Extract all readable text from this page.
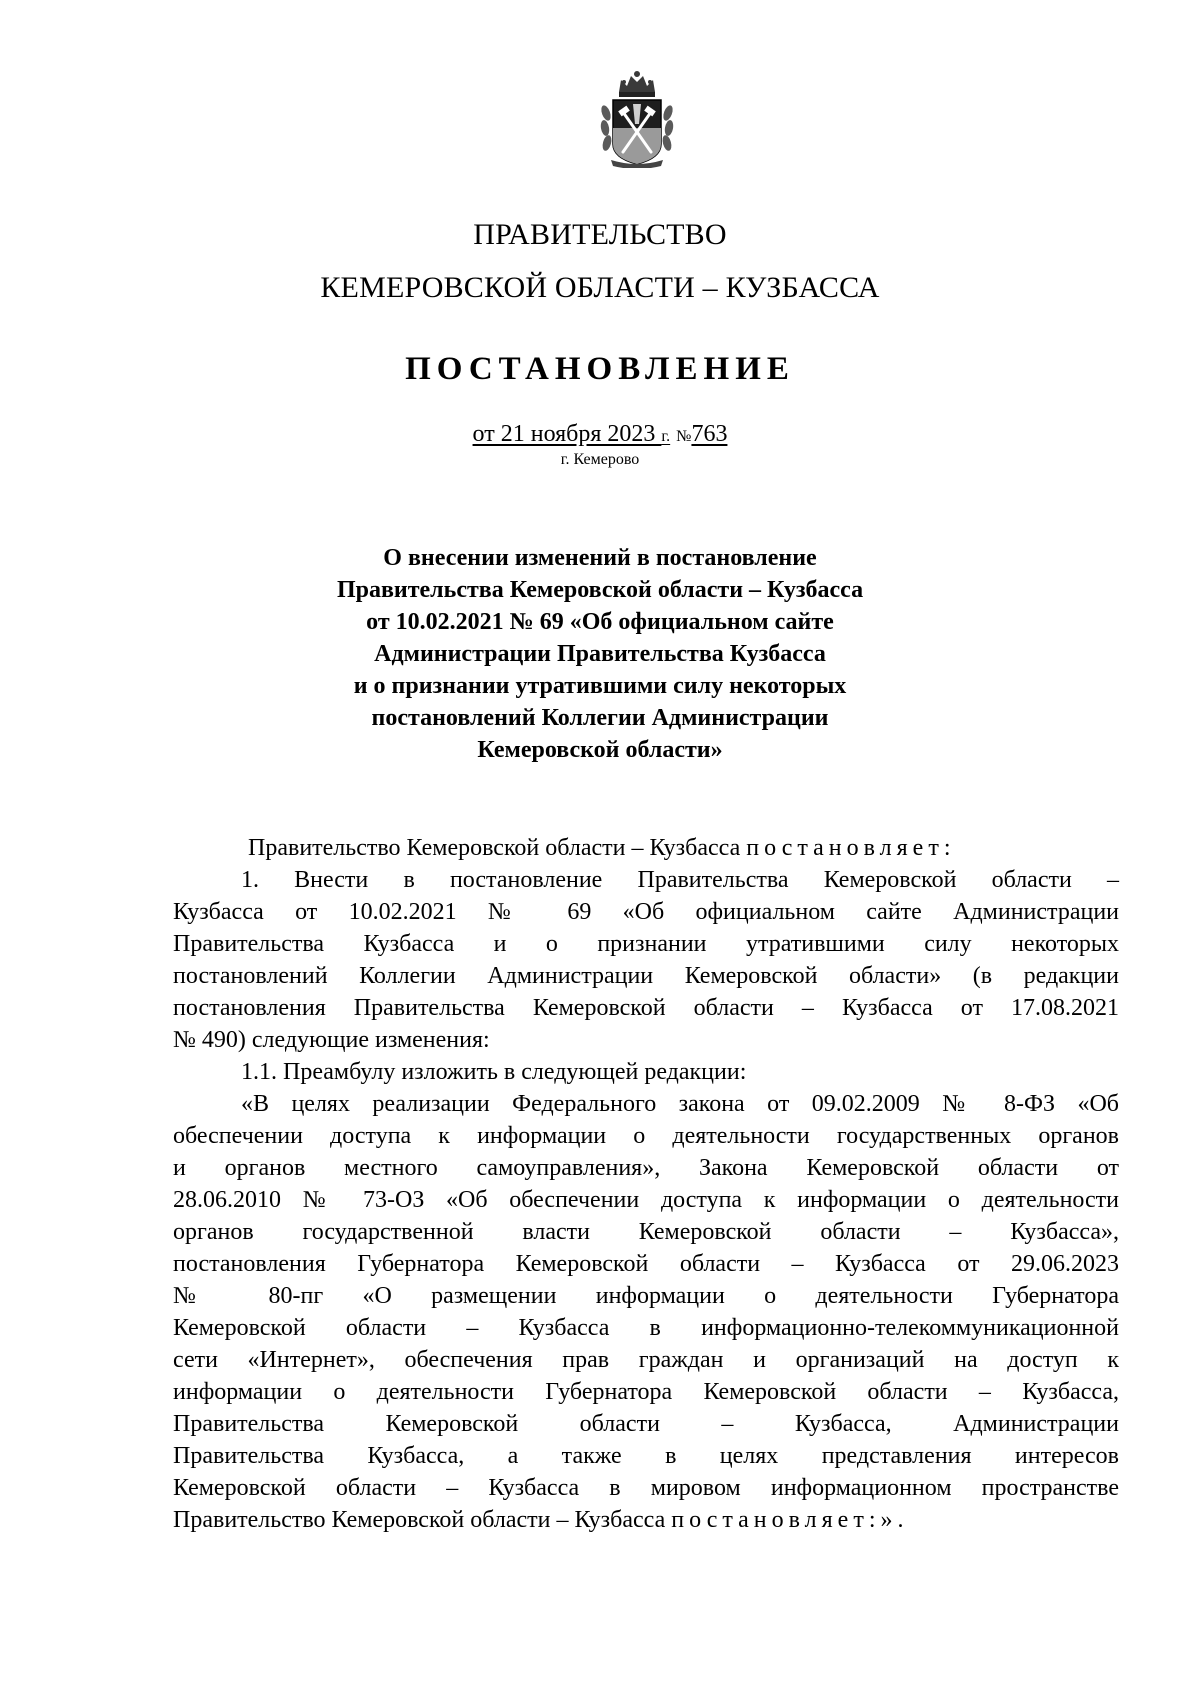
ПРАВИТЕЛЬСТВО
КЕМЕРОВСКОЙ ОБЛАСТИ – КУЗБАССА
ПОСТАНОВЛЕНИЕ
от 21 ноября 2023 г. №763
г. Кемерово
О внесении изменений в постановление
Правительства Кемеровской области – Кузбасса
от 10.02.2021 № 69 «Об официальном сайте
Администрации Правительства Кузбасса
и о признании утратившими силу некоторых
постановлений Коллегии Администрации
Кемеровской области»
Правительство Кемеровской области – Кузбасса постановляет:
1. Внести в постановление Правительства Кемеровской области –
Кузбасса от 10.02.2021 № 69 «Об официальном сайте Администрации
Правительства Кузбасса и о признании утратившими силу некоторых
постановлений Коллегии Администрации Кемеровской области» (в редакции
постановления Правительства Кемеровской области – Кузбасса от 17.08.2021
№ 490) следующие изменения:
1.1. Преамбулу изложить в следующей редакции:
«В целях реализации Федерального закона от 09.02.2009 № 8-ФЗ «Об
обеспечении доступа к информации о деятельности государственных органов
и органов местного самоуправления», Закона Кемеровской области от
28.06.2010 № 73-ОЗ «Об обеспечении доступа к информации о деятельности
органов государственной власти Кемеровской области – Кузбасса»,
постановления Губернатора Кемеровской области – Кузбасса от 29.06.2023
№ 80-пг «О размещении информации о деятельности Губернатора
Кемеровской области – Кузбасса в информационно-телекоммуникационной
сети «Интернет», обеспечения прав граждан и организаций на доступ к
информации о деятельности Губернатора Кемеровской области – Кузбасса,
Правительства Кемеровской области – Кузбасса, Администрации
Правительства Кузбасса, а также в целях представления интересов
Кемеровской области – Кузбасса в мировом информационном пространстве
Правительство Кемеровской области – Кузбасса постановляет:».
